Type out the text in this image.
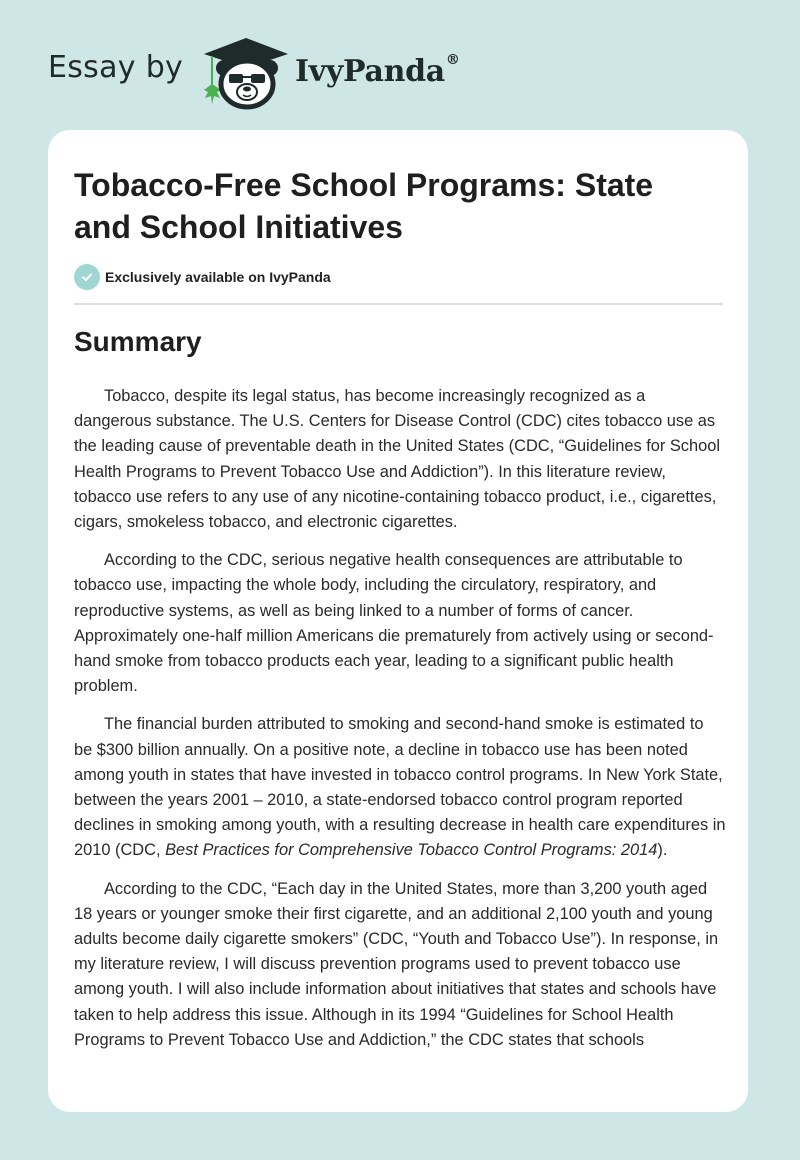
Essay by	IvyPanda®
Tobacco-Free School Programs: State and School Initiatives
Exclusively available on IvyPanda
Summary

Tobacco, despite its legal status, has become increasingly recognized as a dangerous substance. The U.S. Centers for Disease Control (CDC) cites tobacco use as the leading cause of preventable death in the United States (CDC, “Guidelines for School Health Programs to Prevent Tobacco Use and Addiction”). In this literature review, tobacco use refers to any use of any nicotine-containing tobacco product, i.e., cigarettes, cigars, smokeless tobacco, and electronic cigarettes.

According to the CDC, serious negative health consequences are attributable to tobacco use, impacting the whole body, including the circulatory, respiratory, and reproductive systems, as well as being linked to a number of forms of cancer. Approximately one-half million Americans die prematurely from actively using or second-hand smoke from tobacco products each year, leading to a significant public health problem.

The financial burden attributed to smoking and second-hand smoke is estimated to be $300 billion annually. On a positive note, a decline in tobacco use has been noted among youth in states that have invested in tobacco control programs. In New York State, between the years 2001 – 2010, a state-endorsed tobacco control program reported declines in smoking among youth, with a resulting decrease in health care expenditures in 2010 (CDC, Best Practices for Comprehensive Tobacco Control Programs: 2014).

According to the CDC, “Each day in the United States, more than 3,200 youth aged 18 years or younger smoke their first cigarette, and an additional 2,100 youth and young adults become daily cigarette smokers” (CDC, “Youth and Tobacco Use”). In response, in my literature review, I will discuss prevention programs used to prevent tobacco use among youth. I will also include information about initiatives that states and schools have taken to help address this issue. Although in its 1994 “Guidelines for School Health Programs to Prevent Tobacco Use and Addiction,” the CDC states that schools
